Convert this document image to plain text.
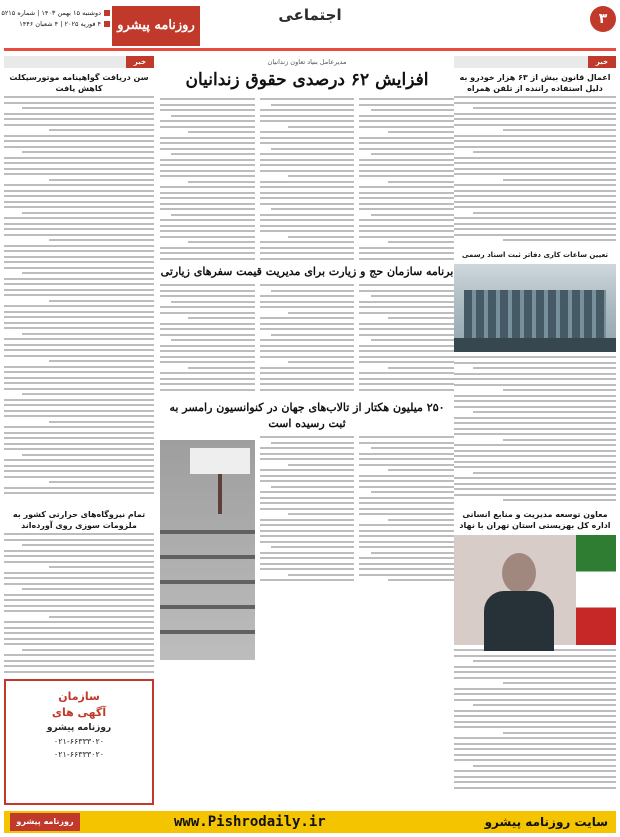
۳
اجتماعی
روزنامه پیشرو
دوشنبه ۱۵ بهمن ۱۴۰۳ | شماره ۵۲۱۵
۴ فوریه ۲۰۲۵ | ۴ شعبان ۱۴۴۶
خبر
اعمال قانون بیش از ۶۳ هزار خودرو به دلیل استفاده راننده از تلفن همراه
تعیین ساعات کاری دفاتر ثبت اسناد رسمی
معاون توسعه مدیریت و منابع انسانی اداره کل بهزیستی استان تهران با نهاد
مدیرعامل بنیاد تعاون زندانیان
افزایش ۶۲ درصدی حقوق زندانیان
برنامه سازمان حج و زیارت برای مدیریت قیمت سفرهای زیارتی
۲۵۰ میلیون هکتار از تالاب‌های جهان در کنوانسیون رامسر به ثبت رسیده است
خبر
سن دریافت گواهینامه موتورسیکلت کاهش یافت
تمام نیروگاه‌های حرارتی کشور به ملزومات سوزی روی آورده‌اند
سازمان
آگهی های
روزنامه پیشرو
۰۲۱-۶۶۳۳۳۰۲۰
۰۲۱-۶۶۳۳۳۰۲۰
سایت روزنامه پیشرو
www.Pishrodaily.ir
روزنامه پیشرو
